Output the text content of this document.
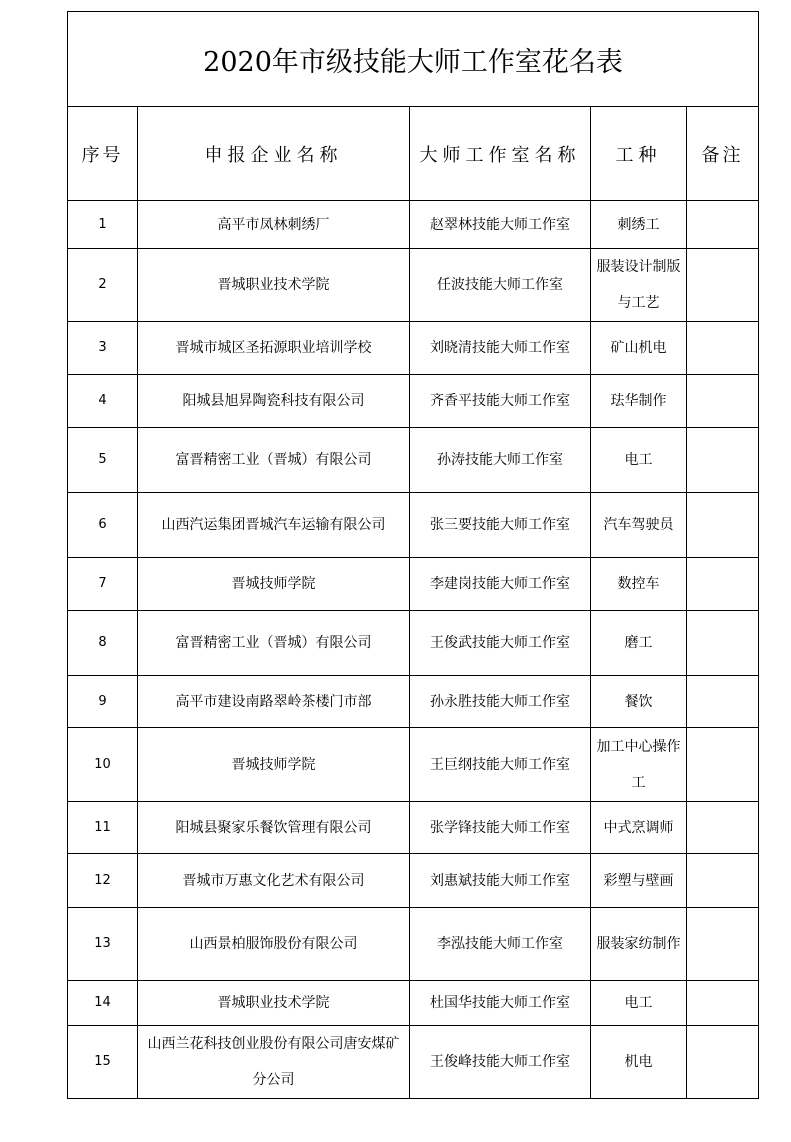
2020年市级技能大师工作室花名表				
序号	申报企业名称	大师工作室名称	工种	备注
1	高平市凤林刺绣厂	赵翠林技能大师工作室	刺绣工	
2	晋城职业技术学院	任波技能大师工作室	服装设计制版与工艺	
3	晋城市城区圣拓源职业培训学校	刘晓清技能大师工作室	矿山机电	
4	阳城县旭昇陶瓷科技有限公司	齐香平技能大师工作室	珐华制作	
5	富晋精密工业（晋城）有限公司	孙涛技能大师工作室	电工	
6	山西汽运集团晋城汽车运输有限公司	张三要技能大师工作室	汽车驾驶员	
7	晋城技师学院	李建岗技能大师工作室	数控车	
8	富晋精密工业（晋城）有限公司	王俊武技能大师工作室	磨工	
9	高平市建设南路翠岭茶楼门市部	孙永胜技能大师工作室	餐饮	
10	晋城技师学院	王巨纲技能大师工作室	加工中心操作工	
11	阳城县聚家乐餐饮管理有限公司	张学锋技能大师工作室	中式烹调师	
12	晋城市万惠文化艺术有限公司	刘惠斌技能大师工作室	彩塑与壁画	
13	山西景柏服饰股份有限公司	李泓技能大师工作室	服装家纺制作	
14	晋城职业技术学院	杜国华技能大师工作室	电工	
15	山西兰花科技创业股份有限公司唐安煤矿分公司	王俊峰技能大师工作室	机电	
